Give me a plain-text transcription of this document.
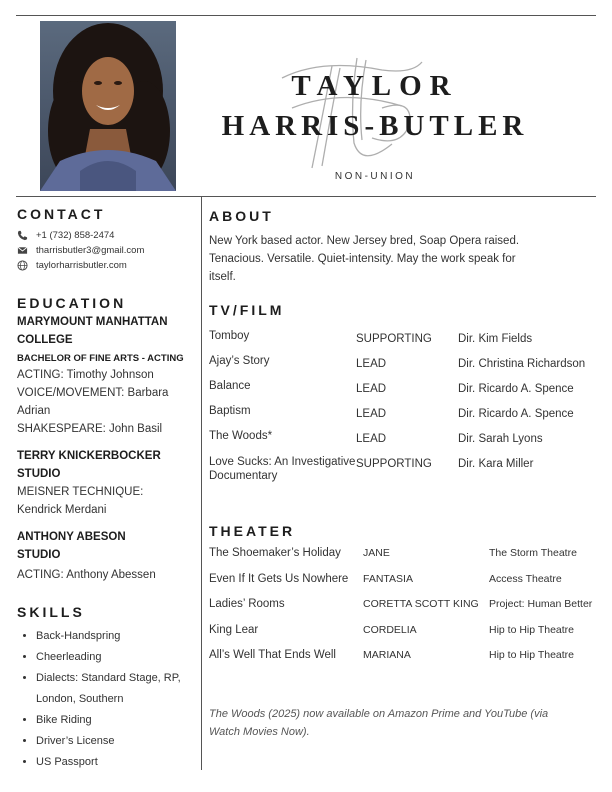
TAYLOR
HARRIS-BUTLER
NON-UNION
CONTACT
+1 (732) 858-2474
tharrisbutler3@gmail.com
taylorharrisbutler.com
EDUCATION
MARYMOUNT MANHATTAN
COLLEGE
BACHELOR OF FINE ARTS - ACTING
ACTING: Timothy Johnson
VOICE/MOVEMENT: Barbara
Adrian
SHAKESPEARE: John Basil
TERRY KNICKERBOCKER
STUDIO
MEISNER TECHNIQUE:
Kendrick Merdani
ANTHONY ABESON
STUDIO
ACTING: Anthony Abessen
SKILLS
• Back-Handspring
• Cheerleading
• Dialects: Standard Stage, RP,
London, Southern
• Bike Riding
• Driver’s License
• US Passport
ABOUT
New York based actor. New Jersey bred, Soap Opera raised. Tenacious. Versatile. Quiet-intensity. May the work speak for itself.
TV/FILM
Tomboy	SUPPORTING	Dir. Kim Fields
Ajay’s Story	LEAD	Dir. Christina Richardson
Balance	LEAD	Dir. Ricardo A. Spence
Baptism	LEAD	Dir. Ricardo A. Spence
The Woods*	LEAD	Dir. Sarah Lyons
Love Sucks: An Investigative Documentary	SUPPORTING	Dir. Kara Miller
THEATER
The Shoemaker’s Holiday	JANE	The Storm Theatre
Even If It Gets Us Nowhere	FANTASIA	Access Theatre
Ladies’ Rooms	CORETTA SCOTT KING	Project: Human Better
King Lear	CORDELIA	Hip to Hip Theatre
All’s Well That Ends Well	MARIANA	Hip to Hip Theatre
The Woods (2025) now available on Amazon Prime and YouTube (via Watch Movies Now).
